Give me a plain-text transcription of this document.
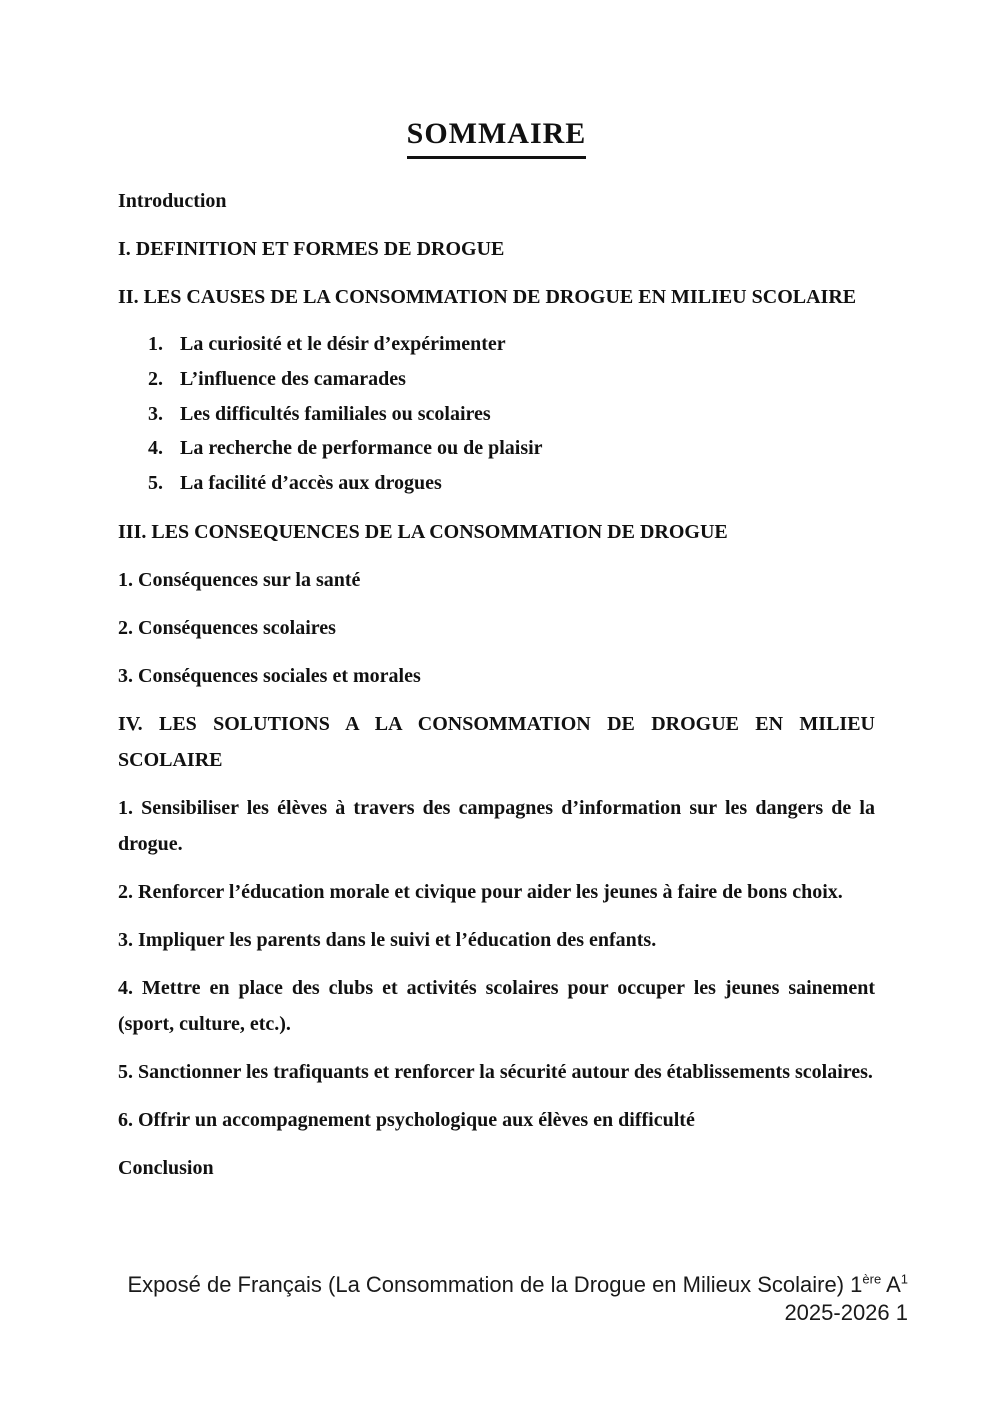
SOMMAIRE

Introduction

I. DEFINITION ET FORMES DE DROGUE

II. LES CAUSES DE LA CONSOMMATION DE DROGUE EN MILIEU SCOLAIRE

1. La curiosité et le désir d’expérimenter
2. L’influence des camarades
3. Les difficultés familiales ou scolaires
4. La recherche de performance ou de plaisir
5. La facilité d’accès aux drogues

III. LES CONSEQUENCES DE LA CONSOMMATION DE DROGUE

1. Conséquences sur la santé

2. Conséquences scolaires

3. Conséquences sociales et morales

IV. LES SOLUTIONS A LA CONSOMMATION DE DROGUE EN MILIEU SCOLAIRE

1. Sensibiliser les élèves à travers des campagnes d’information sur les dangers de la drogue.

2. Renforcer l’éducation morale et civique pour aider les jeunes à faire de bons choix.

3. Impliquer les parents dans le suivi et l’éducation des enfants.

4. Mettre en place des clubs et activités scolaires pour occuper les jeunes sainement (sport, culture, etc.).

5. Sanctionner les trafiquants et renforcer la sécurité autour des établissements scolaires.

6. Offrir un accompagnement psychologique aux élèves en difficulté

Conclusion

Exposé de Français (La Consommation de la Drogue en Milieux Scolaire) 1ère $A^1$
2025-2026 1
